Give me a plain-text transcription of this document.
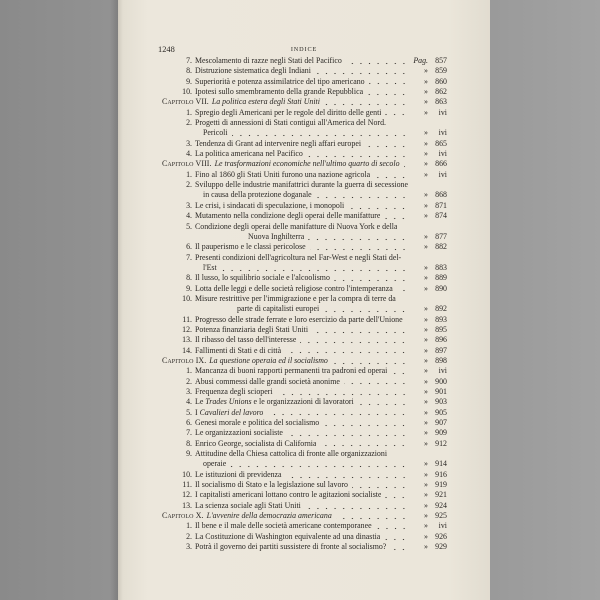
1248	INDICE
7. Mescolamento di razze negli Stati del Pacifico	Pag. 857
8. Distruzione sistematica degli Indiani	» 859
9. Superiorità e potenza assimilatrice del tipo americano	» 860
10. Ipotesi sullo smembramento della grande Repubblica	» 862
Capitolo VII. La politica estera degli Stati Uniti	» 863
1. Spregio degli Americani per le regole del diritto delle genti	»	ivi
2. Progetti di annessioni di Stati contigui all'America del Nord.
Pericoli	»	ivi
3. Tendenza di Grant ad intervenire negli affari europei	» 865
4. La politica americana nel Pacifico	»	ivi
Capitolo VIII. Le trasformazioni economiche nell'ultimo quarto di secolo	» 866
1. Fino al 1860 gli Stati Uniti furono una nazione agricola	»	ivi
2. Sviluppo delle industrie manifattrici durante la guerra di secessione
in causa della protezione doganale	» 868
3. Le crisi, i sindacati di speculazione, i monopoli	» 871
4. Mutamento nella condizione degli operai delle manifatture	» 874
5. Condizione degli operai delle manifatture di Nuova York e della
Nuova Inghilterra	» 877
6. Il pauperismo e le classi pericolose	» 882
7. Presenti condizioni dell'agricoltura nel Far-West e negli Stati del-
l'Est	» 883
8. Il lusso, lo squilibrio sociale e l'alcoolismo	» 889
9. Lotta delle leggi e delle società religiose contro l'intemperanza	» 890
10. Misure restrittive per l'immigrazione e per la compra di terre da
parte di capitalisti europei	» 892
11. Progresso delle strade ferrate e loro esercizio da parte dell'Unione	» 893
12. Potenza finanziaria degli Stati Uniti	» 895
13. Il ribasso del tasso dell'interesse	» 896
14. Fallimenti di Stati e di città	» 897
Capitolo IX. La questione operaia ed il socialismo	» 898
1. Mancanza di buoni rapporti permanenti tra padroni ed operai	»	ivi
2. Abusi commessi dalle grandi società anonime	» 900
3. Frequenza degli scioperi	» 901
4. Le Trades Unions e le organizzazioni di lavoratori	» 903
5. I Cavalieri del lavoro	» 905
6. Genesi morale e politica del socialismo	» 907
7. Le organizzazioni socialiste	» 909
8. Enrico George, socialista di California	» 912
9. Attitudine della Chiesa cattolica di fronte alle organizzazioni
operaie	» 914
10. Le istituzioni di previdenza	» 916
11. Il socialismo di Stato e la legislazione sul lavoro	» 919
12. I capitalisti americani lottano contro le agitazioni socialiste	» 921
13. La scienza sociale agli Stati Uniti	» 924
Capitolo X. L'avvenire della democrazia americana	» 925
1. Il bene e il male delle società americane contemporanee	»	ivi
2. La Costituzione di Washington equivalente ad una dinastia	» 926
3. Potrà il governo dei partiti sussistere di fronte al socialismo?	» 929
